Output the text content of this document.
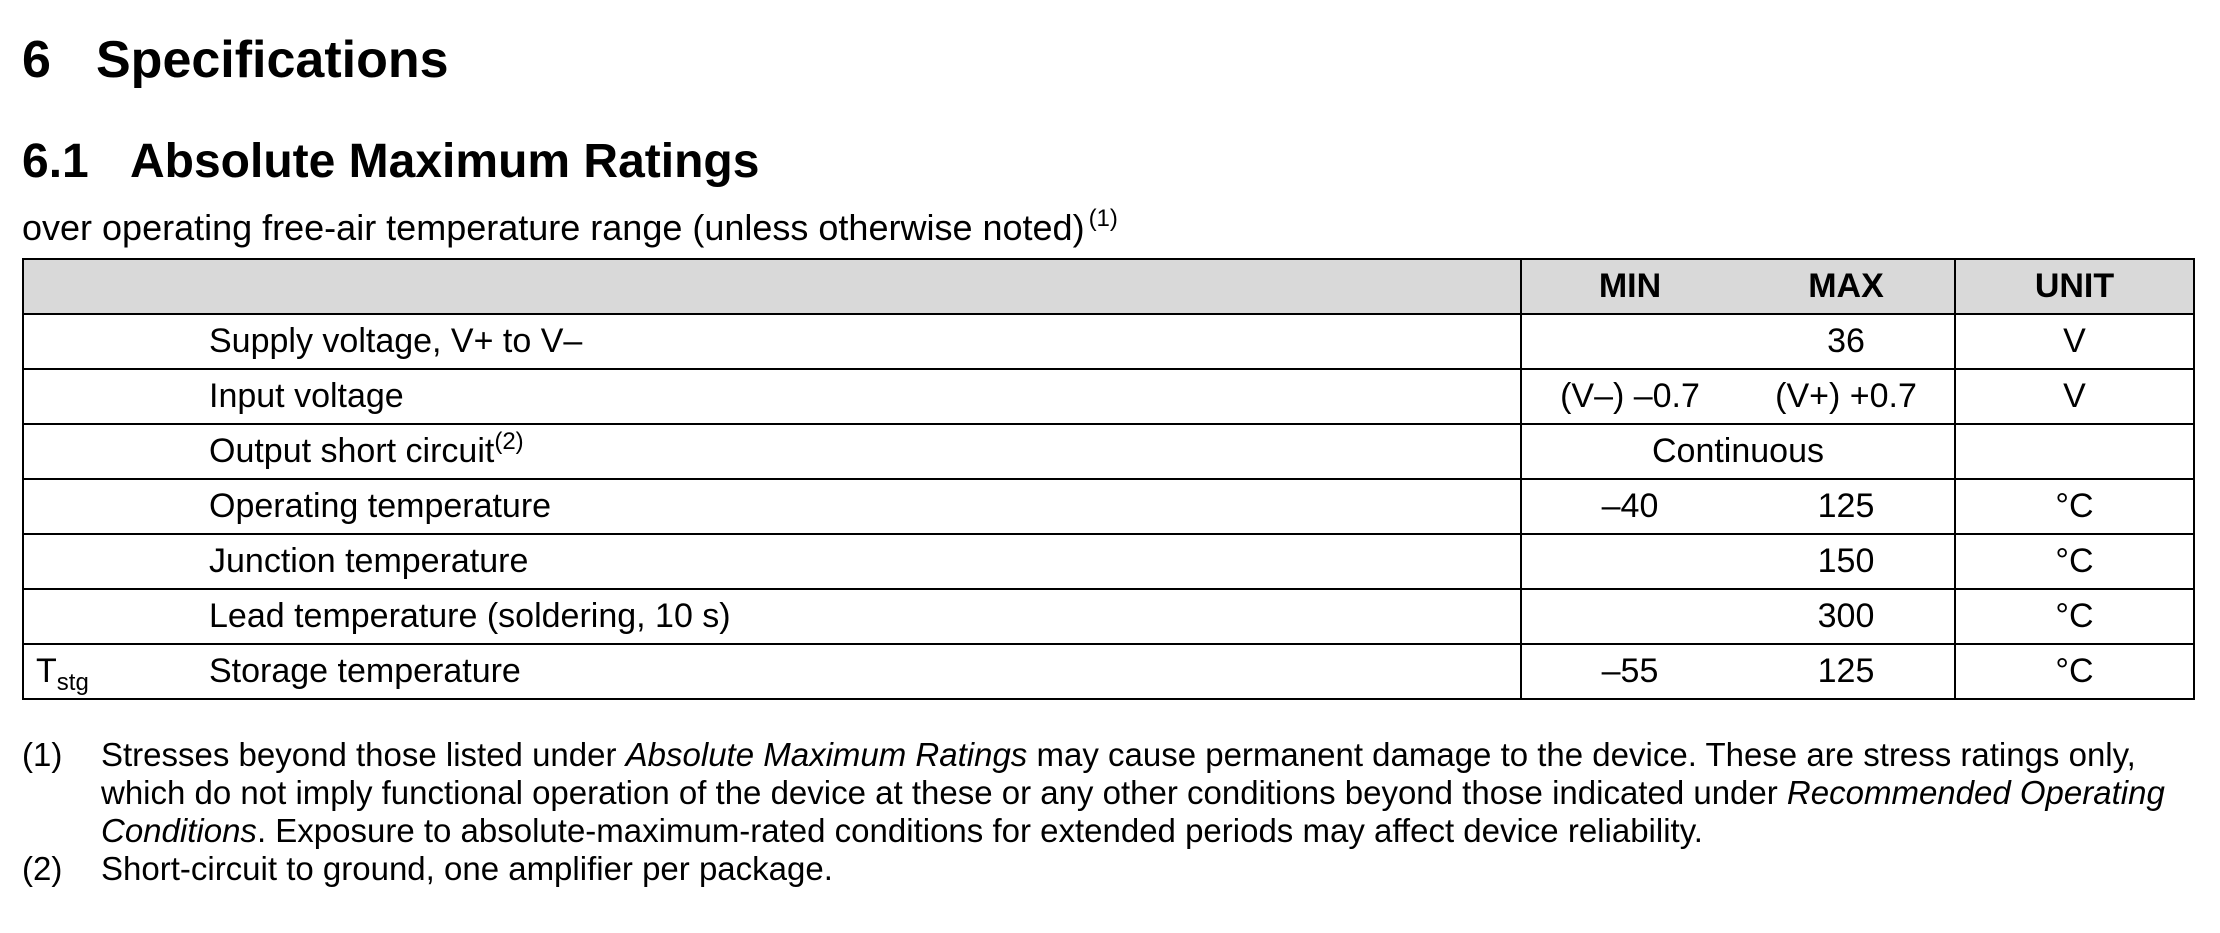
6 Specifications
6.1 Absolute Maximum Ratings
over operating free-air temperature range (unless otherwise noted) $^{(1)}$
		MIN	MAX	UNIT
	Supply voltage, V+ to V–		36	V
	Input voltage	(V–) –0.7	(V+) +0.7	V
	Output short circuit$^{(2)}$	Continuous		
	Operating temperature	–40	125	°C
	Junction temperature		150	°C
	Lead temperature (soldering, 10 s)		300	°C
$T_{stg}$	Storage temperature	–55	125	°C
(1)	Stresses beyond those listed under Absolute Maximum Ratings may cause permanent damage to the device. These are stress ratings only, which do not imply functional operation of the device at these or any other conditions beyond those indicated under Recommended Operating Conditions. Exposure to absolute-maximum-rated conditions for extended periods may affect device reliability.
(2)	Short-circuit to ground, one amplifier per package.
